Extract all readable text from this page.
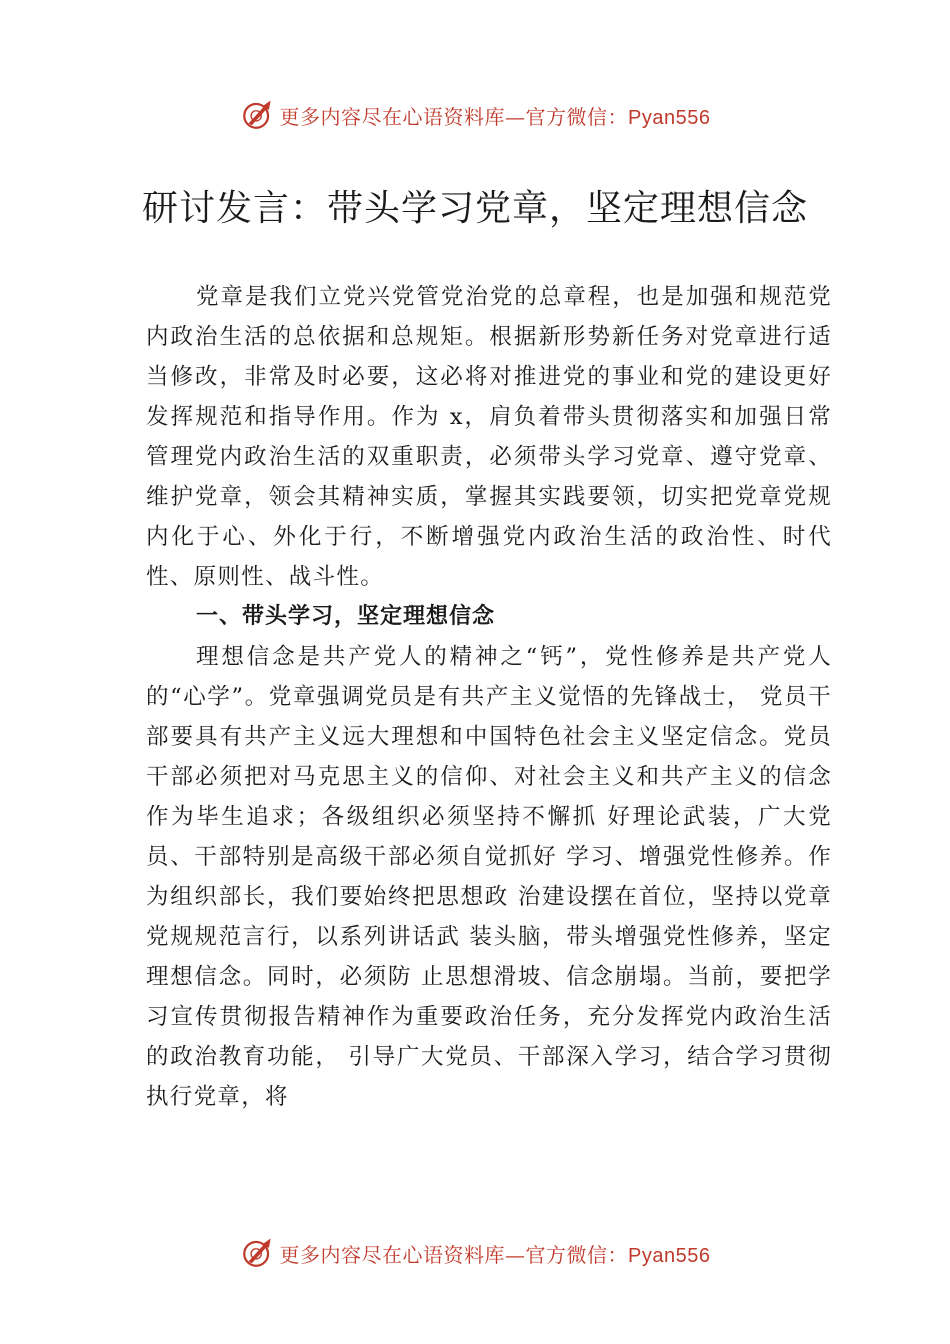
更多内容尽在心语资料库—官方微信：Pyan556
研讨发言：带头学习党章，坚定理想信念

党章是我们立党兴党管党治党的总章程，也是加强和规范党内政治生活的总依据和总规矩。根据新形势新任务对党章进行适当修改，非常及时必要，这必将对推进党的事业和党的建设更好发挥规范和指导作用。作为 x，肩负着带头贯彻落实和加强日常管理党内政治生活的双重职责，必须带头学习党章、遵守党章、维护党章，领会其精神实质，掌握其实践要领，切实把党章党规内化于心、外化于行，不断增强党内政治生活的政治性、时代性、原则性、战斗性。

一、带头学习，坚定理想信念

理想信念是共产党人的精神之“钙”，党性修养是共产党人的“心学”。党章强调党员是有共产主义觉悟的先锋战士， 党员干部要具有共产主义远大理想和中国特色社会主义坚定信念。党员干部必须把对马克思主义的信仰、对社会主义和共产主义的信念作为毕生追求；各级组织必须坚持不懈抓 好理论武装，广大党员、干部特别是高级干部必须自觉抓好 学习、增强党性修养。作为组织部长，我们要始终把思想政 治建设摆在首位，坚持以党章党规规范言行，以系列讲话武 装头脑，带头增强党性修养，坚定理想信念。同时，必须防 止思想滑坡、信念崩塌。当前，要把学习宣传贯彻报告精神作为重要政治任务，充分发挥党内政治生活的政治教育功能， 引导广大党员、干部深入学习，结合学习贯彻执行党章，将

更多内容尽在心语资料库—官方微信：Pyan556
